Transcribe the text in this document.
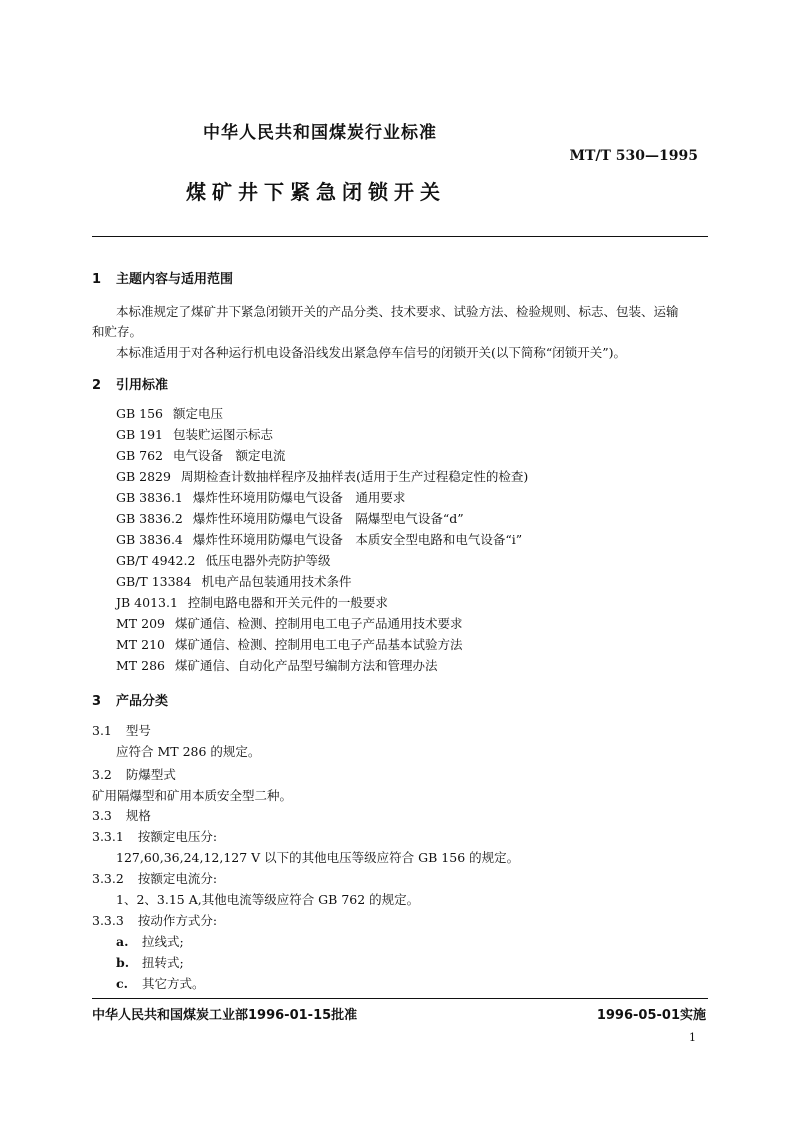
中华人民共和国煤炭行业标准
MT/T 530—1995
煤矿井下紧急闭锁开关
1 主题内容与适用范围
本标准规定了煤矿井下紧急闭锁开关的产品分类、技术要求、试验方法、检验规则、标志、包装、运输
和贮存。
本标准适用于对各种运行机电设备沿线发出紧急停车信号的闭锁开关(以下简称“闭锁开关”)。
2 引用标准
GB 156 额定电压
GB 191 包装贮运图示标志
GB 762 电气设备　额定电流
GB 2829 周期检查计数抽样程序及抽样表(适用于生产过程稳定性的检查)
GB 3836.1 爆炸性环境用防爆电气设备　通用要求
GB 3836.2 爆炸性环境用防爆电气设备　隔爆型电气设备“d”
GB 3836.4 爆炸性环境用防爆电气设备　本质安全型电路和电气设备“i”
GB/T 4942.2 低压电器外壳防护等级
GB/T 13384 机电产品包装通用技术条件
JB 4013.1 控制电路电器和开关元件的一般要求
MT 209 煤矿通信、检测、控制用电工电子产品通用技术要求
MT 210 煤矿通信、检测、控制用电工电子产品基本试验方法
MT 286 煤矿通信、自动化产品型号编制方法和管理办法
3 产品分类
3.1 型号
应符合 MT 286 的规定。
3.2 防爆型式
矿用隔爆型和矿用本质安全型二种。
3.3 规格
3.3.1 按额定电压分:
127,60,36,24,12,127 V 以下的其他电压等级应符合 GB 156 的规定。
3.3.2 按额定电流分:
1、2、3.15 A,其他电流等级应符合 GB 762 的规定。
3.3.3 按动作方式分:
a. 拉线式;
b. 扭转式;
c. 其它方式。
中华人民共和国煤炭工业部1996-01-15批准	1996-05-01实施
1
